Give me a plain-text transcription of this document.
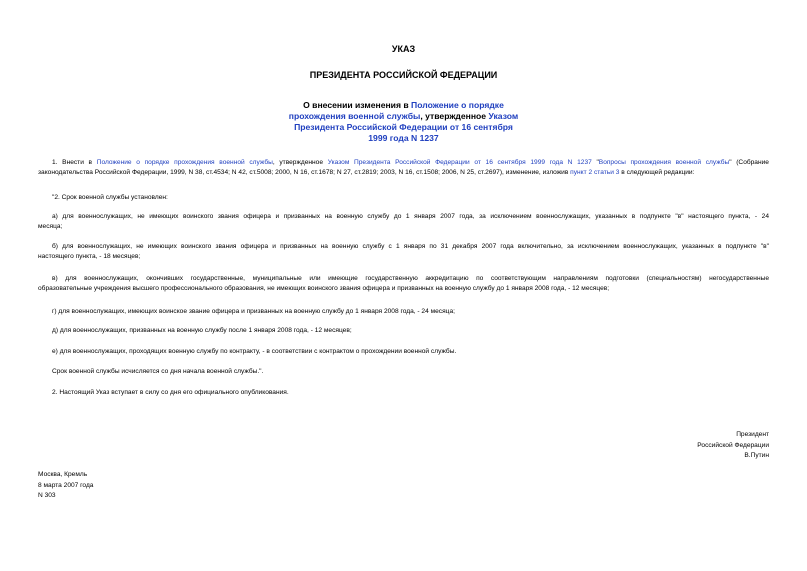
УКАЗ
ПРЕЗИДЕНТА РОССИЙСКОЙ ФЕДЕРАЦИИ
О внесении изменения в Положение о порядке
прохождения военной службы, утвержденное Указом
Президента Российской Федерации от 16 сентября
1999 года N 1237
1. Внести в Положение о порядке прохождения военной службы, утвержденное Указом Президента Российской Федерации от 16 сентября 1999 года N 1237 "Вопросы прохождения военной службы" (Собрание
законодательства Российской Федерации, 1999, N 38, ст.4534; N 42, ст.5008; 2000, N 16, ст.1678; N 27, ст.2819; 2003, N 16, ст.1508; 2006, N 25, ст.2697), изменение, изложив пункт 2 статьи 3 в следующей редакции:
"2. Срок военной службы установлен:
а) для военнослужащих, не имеющих воинского звания офицера и призванных на военную службу до 1 января 2007 года, за исключением военнослужащих, указанных в подпункте "в" настоящего пункта, - 24
месяца;
б) для военнослужащих, не имеющих воинского звания офицера и призванных на военную службу с 1 января по 31 декабря 2007 года включительно, за исключением военнослужащих, указанных в подпункте "в"
настоящего пункта, - 18 месяцев;
в) для военнослужащих, окончивших государственные, муниципальные или имеющие государственную аккредитацию по соответствующим направлениям подготовки (специальностям) негосударственные
образовательные учреждения высшего профессионального образования, не имеющих воинского звания офицера и призванных на военную службу до 1 января 2008 года, - 12 месяцев;
г) для военнослужащих, имеющих воинское звание офицера и призванных на военную службу до 1 января 2008 года, - 24 месяца;
д) для военнослужащих, призванных на военную службу после 1 января 2008 года, - 12 месяцев;
е) для военнослужащих, проходящих военную службу по контракту, - в соответствии с контрактом о прохождении военной службы.
Срок военной службы исчисляется со дня начала военной службы.".
2. Настоящий Указ вступает в силу со дня его официального опубликования.
Президент
Российской Федерации
В.Путин
Москва, Кремль
8 марта 2007 года
N 303
